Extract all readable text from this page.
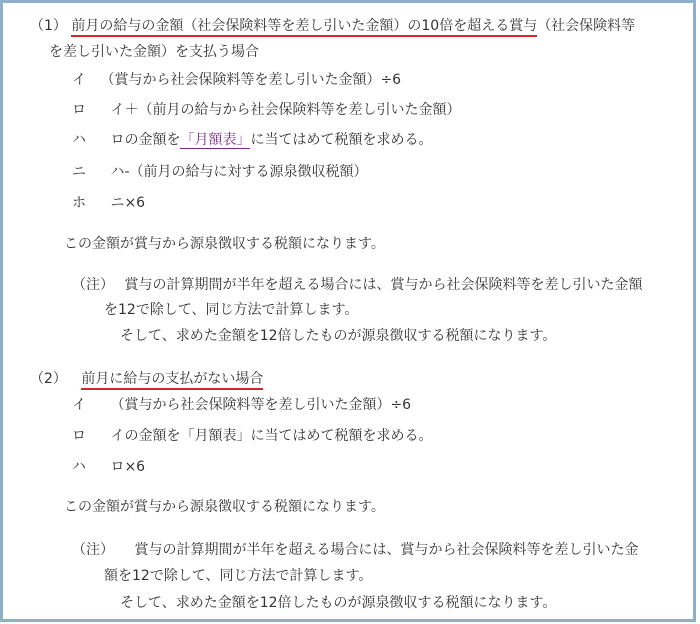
（1） 前月の給与の金額（社会保険料等を差し引いた金額）の10倍を超える賞与（社会保険料等
を差し引いた金額）を支払う場合
イ （賞与から社会保険料等を差し引いた金額）÷6
ロ イ＋（前月の給与から社会保険料等を差し引いた金額）
ハ ロの金額を「月額表」に当てはめて税額を求める。
ニ ハ-（前月の給与に対する源泉徴収税額）
ホ ニ×6
この金額が賞与から源泉徴収する税額になります。
（注） 賞与の計算期間が半年を超える場合には、賞与から社会保険料等を差し引いた金額
を12で除して、同じ方法で計算します。
そして、求めた金額を12倍したものが源泉徴収する税額になります。
（2） 前月に給与の支払がない場合
イ （賞与から社会保険料等を差し引いた金額）÷6
ロ イの金額を「月額表」に当てはめて税額を求める。
ハ ロ×6
この金額が賞与から源泉徴収する税額になります。
（注） 賞与の計算期間が半年を超える場合には、賞与から社会保険料等を差し引いた金
額を12で除して、同じ方法で計算します。
そして、求めた金額を12倍したものが源泉徴収する税額になります。
